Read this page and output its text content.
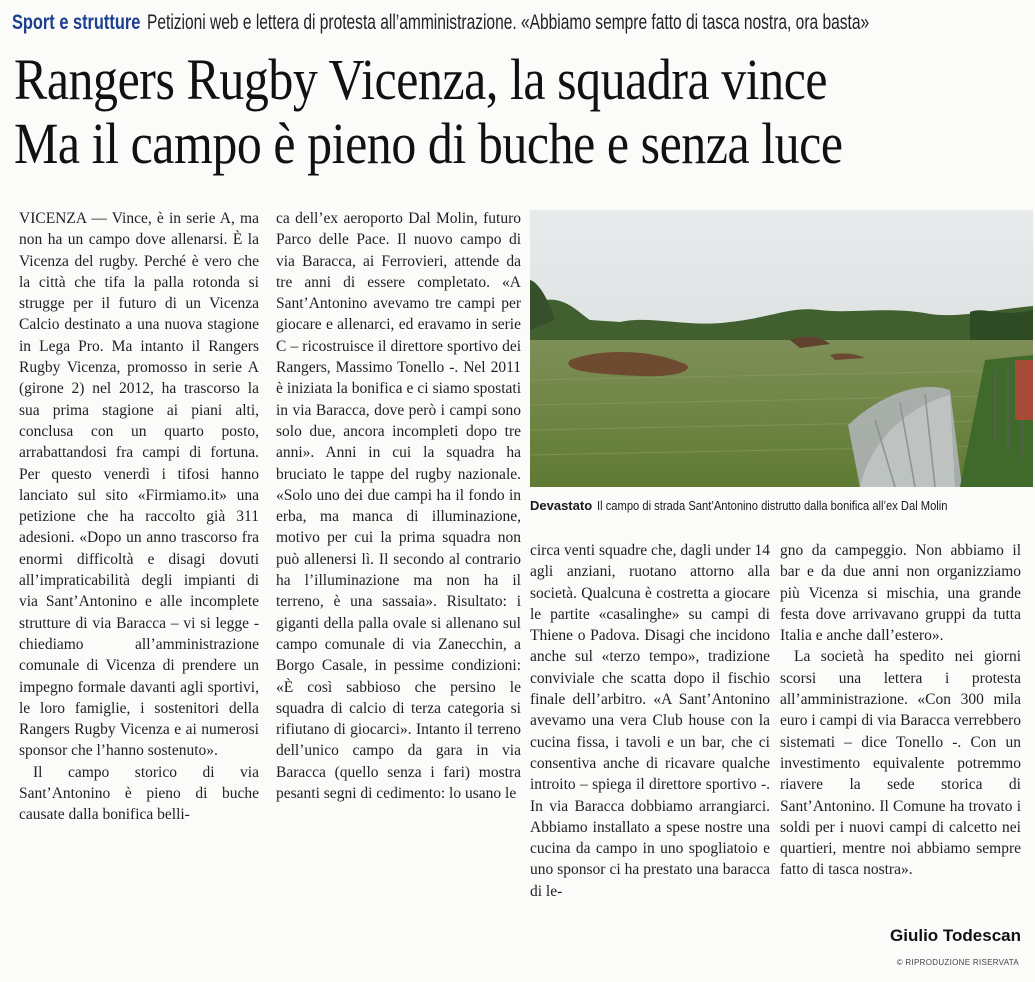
Sport e strutture Petizioni web e lettera di protesta all’amministrazione. «Abbiamo sempre fatto di tasca nostra, ora basta»
Rangers Rugby Vicenza, la squadra vince
Ma il campo è pieno di buche e senza luce

VICENZA — Vince, è in serie A, ma non ha un campo dove allenarsi. È la Vicenza del rugby. Perché è vero che la città che tifa la palla rotonda si strugge per il futuro di un Vicenza Calcio destinato a una nuova stagione in Lega Pro. Ma intanto il Rangers Rugby Vicenza, promosso in serie A (girone 2) nel 2012, ha trascorso la sua prima stagione ai piani alti, conclusa con un quarto posto, arrabattandosi fra campi di fortuna. Per questo venerdì i tifosi hanno lanciato sul sito «Firmiamo.it» una petizione che ha raccolto già 311 adesioni. «Dopo un anno trascorso fra enormi difficoltà e disagi dovuti all’impraticabilità degli impianti di via Sant’Antonino e alle incomplete strutture di via Baracca – vi si legge - chiediamo all’amministrazione comunale di Vicenza di prendere un impegno formale davanti agli sportivi, le loro famiglie, i sostenitori della Rangers Rugby Vicenza e ai numerosi sponsor che l’hanno sostenuto».

Il campo storico di via Sant’Antonino è pieno di buche causate dalla bonifica belli-

ca dell’ex aeroporto Dal Molin, futuro Parco delle Pace. Il nuovo campo di via Baracca, ai Ferrovieri, attende da tre anni di essere completato. «A Sant’Antonino avevamo tre campi per giocare e allenarci, ed eravamo in serie C – ricostruisce il direttore sportivo dei Rangers, Massimo Tonello -. Nel 2011 è iniziata la bonifica e ci siamo spostati in via Baracca, dove però i campi sono solo due, ancora incompleti dopo tre anni». Anni in cui la squadra ha bruciato le tappe del rugby nazionale. «Solo uno dei due campi ha il fondo in erba, ma manca di illuminazione, motivo per cui la prima squadra non può allenersi lì. Il secondo al contrario ha l’illuminazione ma non ha il terreno, è una sassaia». Risultato: i giganti della palla ovale si allenano sul campo comunale di via Zanecchin, a Borgo Casale, in pessime condizioni: «È così sabbioso che persino le squadra di calcio di terza categoria si rifiutano di giocarci». Intanto il terreno dell’unico campo da gara in via Baracca (quello senza i fari) mostra pesanti segni di cedimento: lo usano le

Devastato Il campo di strada Sant’Antonino distrutto dalla bonifica all’ex Dal Molin

circa venti squadre che, dagli under 14 agli anziani, ruotano attorno alla società. Qualcuna è costretta a giocare le partite «casalinghe» su campi di Thiene o Padova. Disagi che incidono anche sul «terzo tempo», tradizione conviviale che scatta dopo il fischio finale dell’arbitro. «A Sant’Antonino avevamo una vera Club house con la cucina fissa, i tavoli e un bar, che ci consentiva anche di ricavare qualche introito – spiega il direttore sportivo -. In via Baracca dobbiamo arrangiarci. Abbiamo installato a spese nostre una cucina da campo in uno spogliatoio e uno sponsor ci ha prestato una baracca di le-

gno da campeggio. Non abbiamo il bar e da due anni non organizziamo più Vicenza si mischia, una grande festa dove arrivavano gruppi da tutta Italia e anche dall’estero».

La società ha spedito nei giorni scorsi una lettera i protesta all’amministrazione. «Con 300 mila euro i campi di via Baracca verrebbero sistemati – dice Tonello -. Con un investimento equivalente potremmo riavere la sede storica di Sant’Antonino. Il Comune ha trovato i soldi per i nuovi campi di calcetto nei quartieri, mentre noi abbiamo sempre fatto di tasca nostra».

Giulio Todescan
© RIPRODUZIONE RISERVATA
